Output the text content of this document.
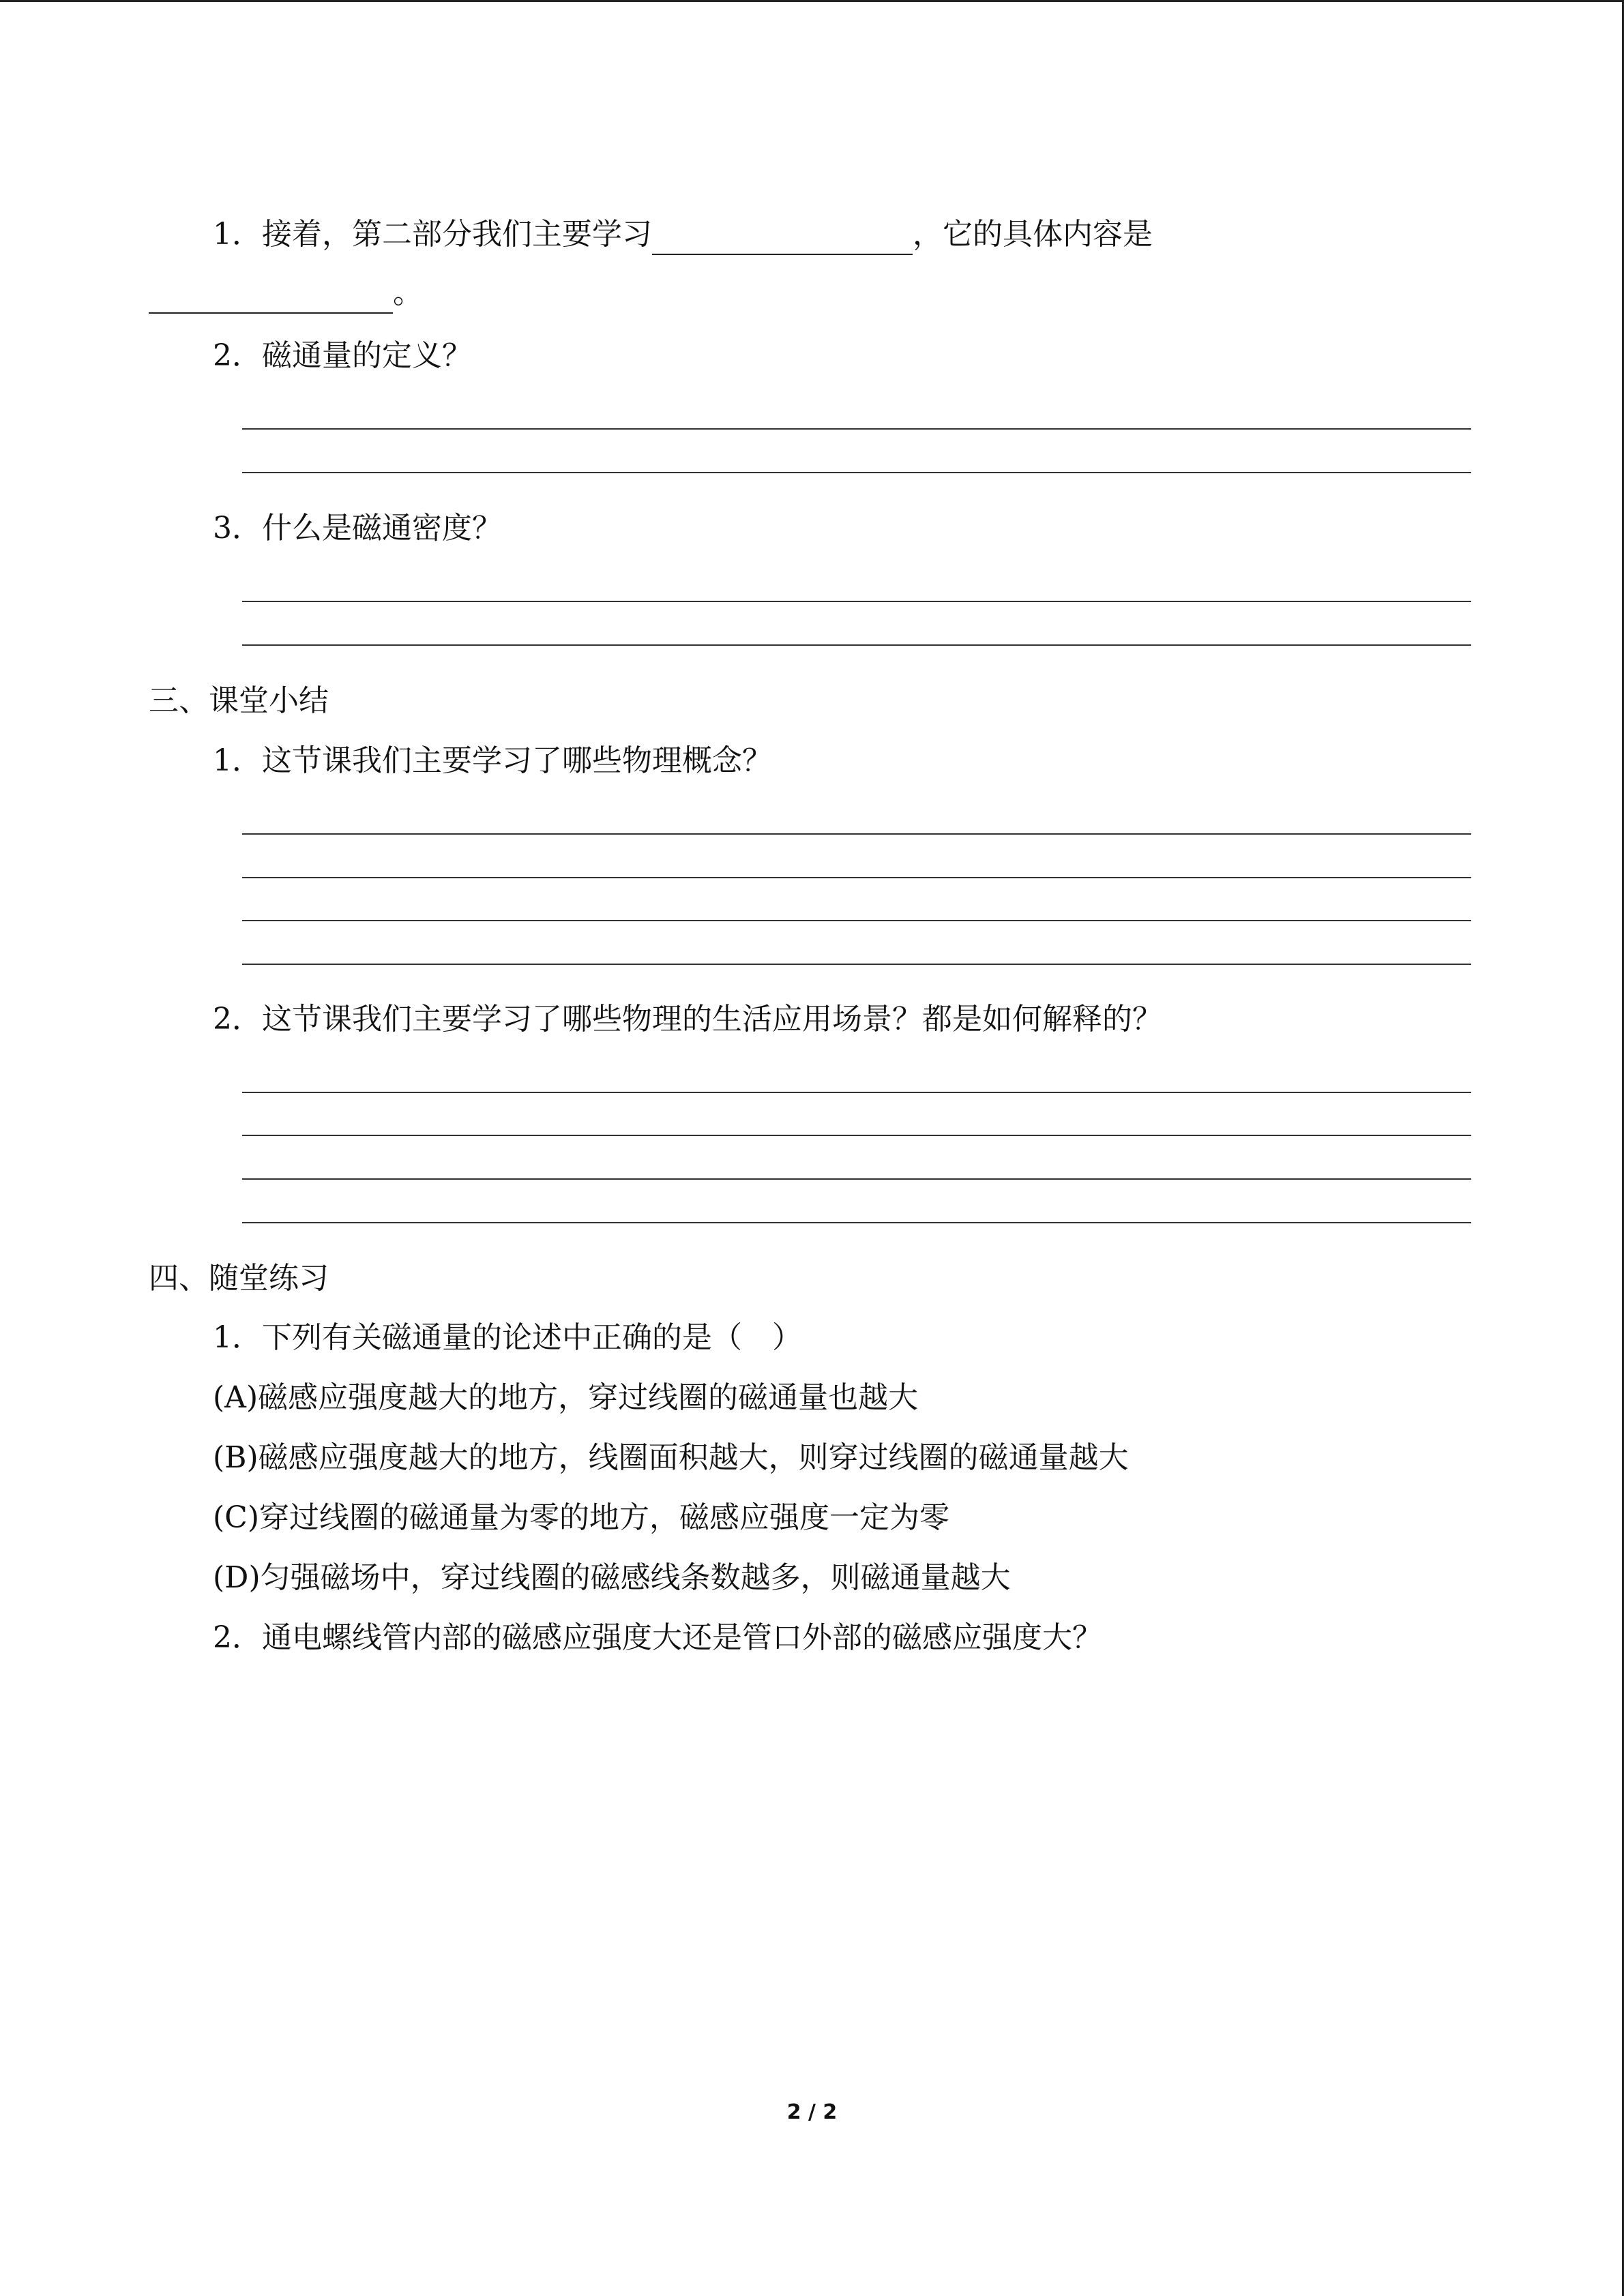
1．接着，第二部分我们主要学习	，它的具体内容是
。
2．磁通量的定义？
3．什么是磁通密度？
三、课堂小结
1．这节课我们主要学习了哪些物理概念？
2．这节课我们主要学习了哪些物理的生活应用场景？都是如何解释的？
四、随堂练习
1．下列有关磁通量的论述中正确的是（　）
(A)磁感应强度越大的地方，穿过线圈的磁通量也越大
(B)磁感应强度越大的地方，线圈面积越大，则穿过线圈的磁通量越大
(C)穿过线圈的磁通量为零的地方，磁感应强度一定为零
(D)匀强磁场中，穿过线圈的磁感线条数越多，则磁通量越大
2．通电螺线管内部的磁感应强度大还是管口外部的磁感应强度大？
2 / 2
